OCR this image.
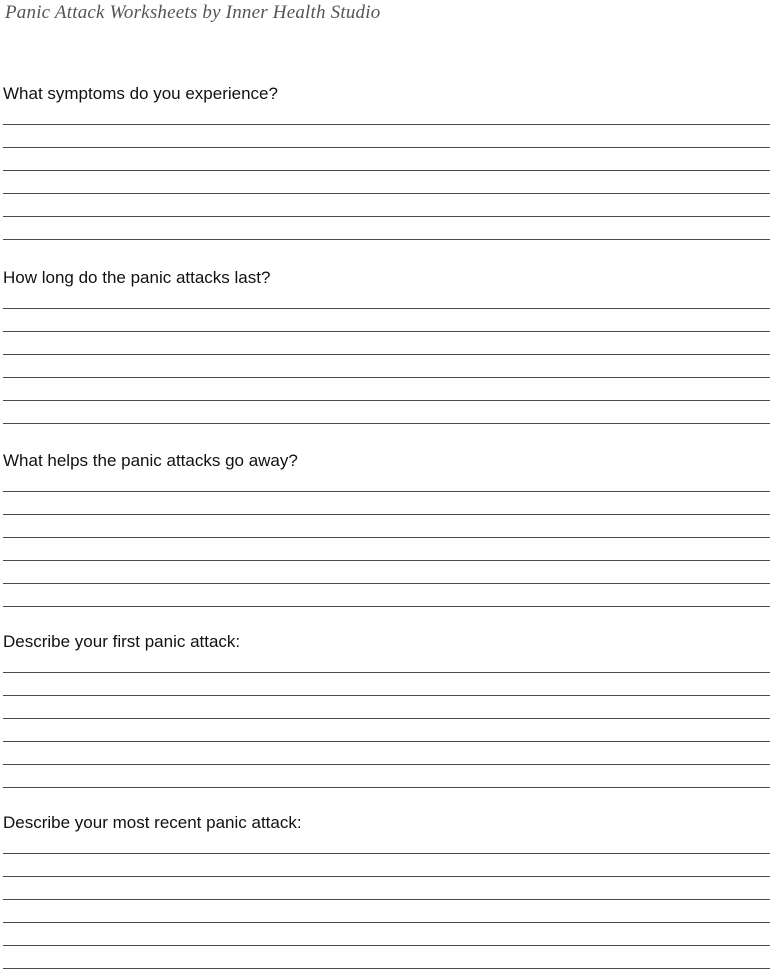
Panic Attack Worksheets by Inner Health Studio
What symptoms do you experience?
How long do the panic attacks last?
What helps the panic attacks go away?
Describe your first panic attack:
Describe your most recent panic attack:
